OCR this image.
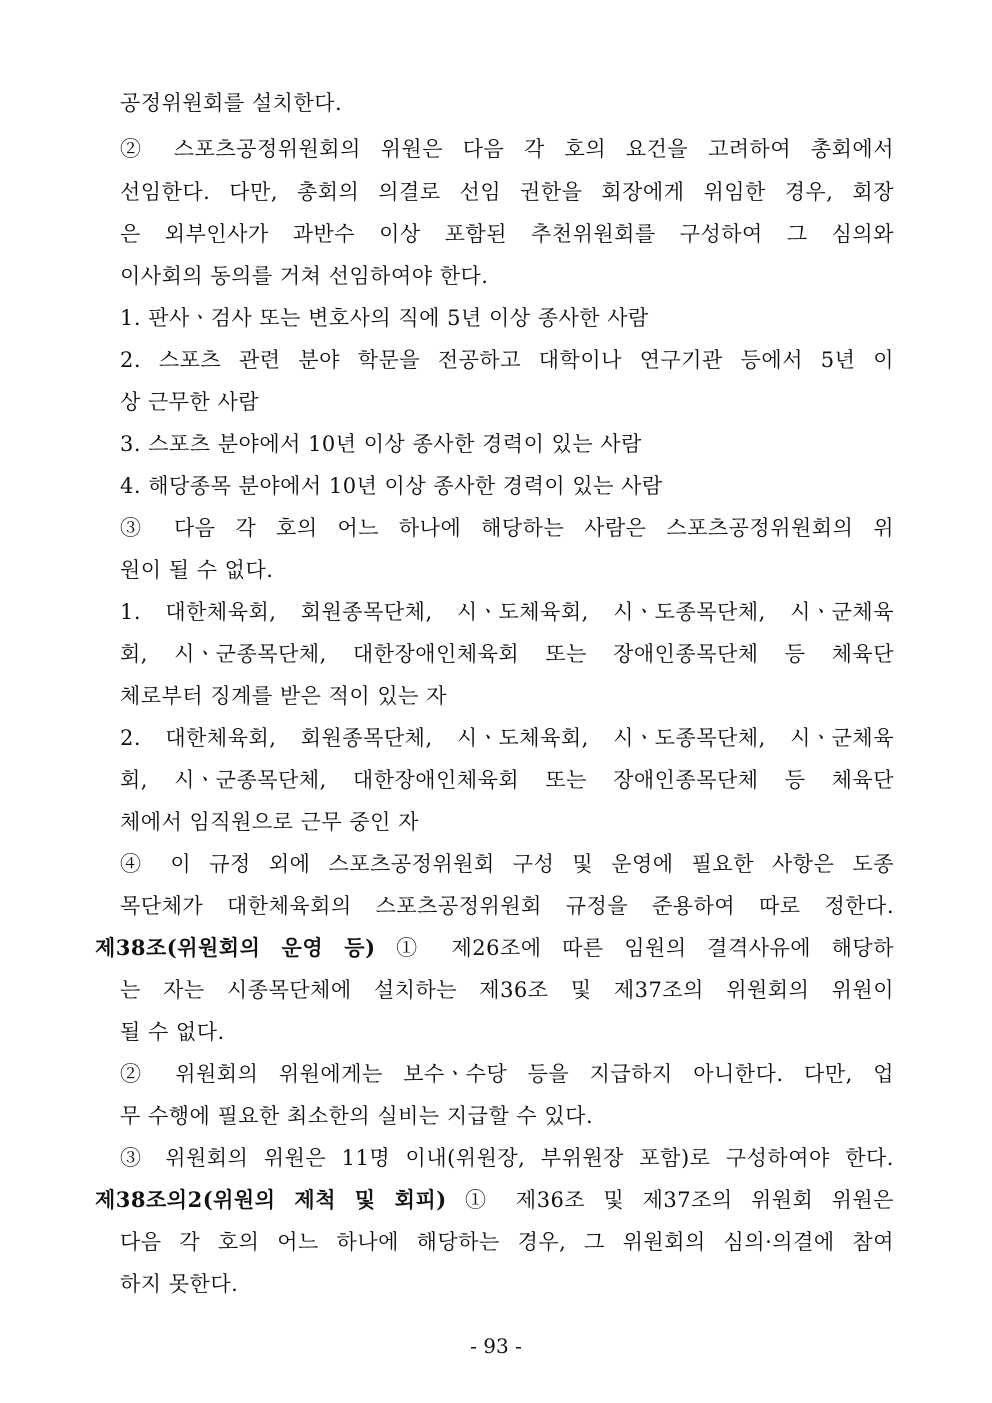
공정위원회를 설치한다.
② 스포츠공정위원회의 위원은 다음 각 호의 요건을 고려하여 총회에서
선임한다. 다만, 총회의 의결로 선임 권한을 회장에게 위임한 경우, 회장
은 외부인사가 과반수 이상 포함된 추천위원회를 구성하여 그 심의와
이사회의 동의를 거쳐 선임하여야 한다.
1. 판사ㆍ검사 또는 변호사의 직에 5년 이상 종사한 사람
2. 스포츠 관련 분야 학문을 전공하고 대학이나 연구기관 등에서 5년 이
상 근무한 사람
3. 스포츠 분야에서 10년 이상 종사한 경력이 있는 사람
4. 해당종목 분야에서 10년 이상 종사한 경력이 있는 사람
③ 다음 각 호의 어느 하나에 해당하는 사람은 스포츠공정위원회의 위
원이 될 수 없다.
1. 대한체육회, 회원종목단체, 시ㆍ도체육회, 시ㆍ도종목단체, 시ㆍ군체육
회, 시ㆍ군종목단체, 대한장애인체육회 또는 장애인종목단체 등 체육단
체로부터 징계를 받은 적이 있는 자
2. 대한체육회, 회원종목단체, 시ㆍ도체육회, 시ㆍ도종목단체, 시ㆍ군체육
회, 시ㆍ군종목단체, 대한장애인체육회 또는 장애인종목단체 등 체육단
체에서 임직원으로 근무 중인 자
④ 이 규정 외에 스포츠공정위원회 구성 및 운영에 필요한 사항은 도종
목단체가 대한체육회의 스포츠공정위원회 규정을 준용하여 따로 정한다.
제38조(위원회의 운영 등) ① 제26조에 따른 임원의 결격사유에 해당하
는 자는 시종목단체에 설치하는 제36조 및 제37조의 위원회의 위원이
될 수 없다.
② 위원회의 위원에게는 보수ㆍ수당 등을 지급하지 아니한다. 다만, 업
무 수행에 필요한 최소한의 실비는 지급할 수 있다.
③ 위원회의 위원은 11명 이내(위원장, 부위원장 포함)로 구성하여야 한다.
제38조의2(위원의 제척 및 회피) ① 제36조 및 제37조의 위원회 위원은
다음 각 호의 어느 하나에 해당하는 경우, 그 위원회의 심의·의결에 참여
하지 못한다.
- 93 -
